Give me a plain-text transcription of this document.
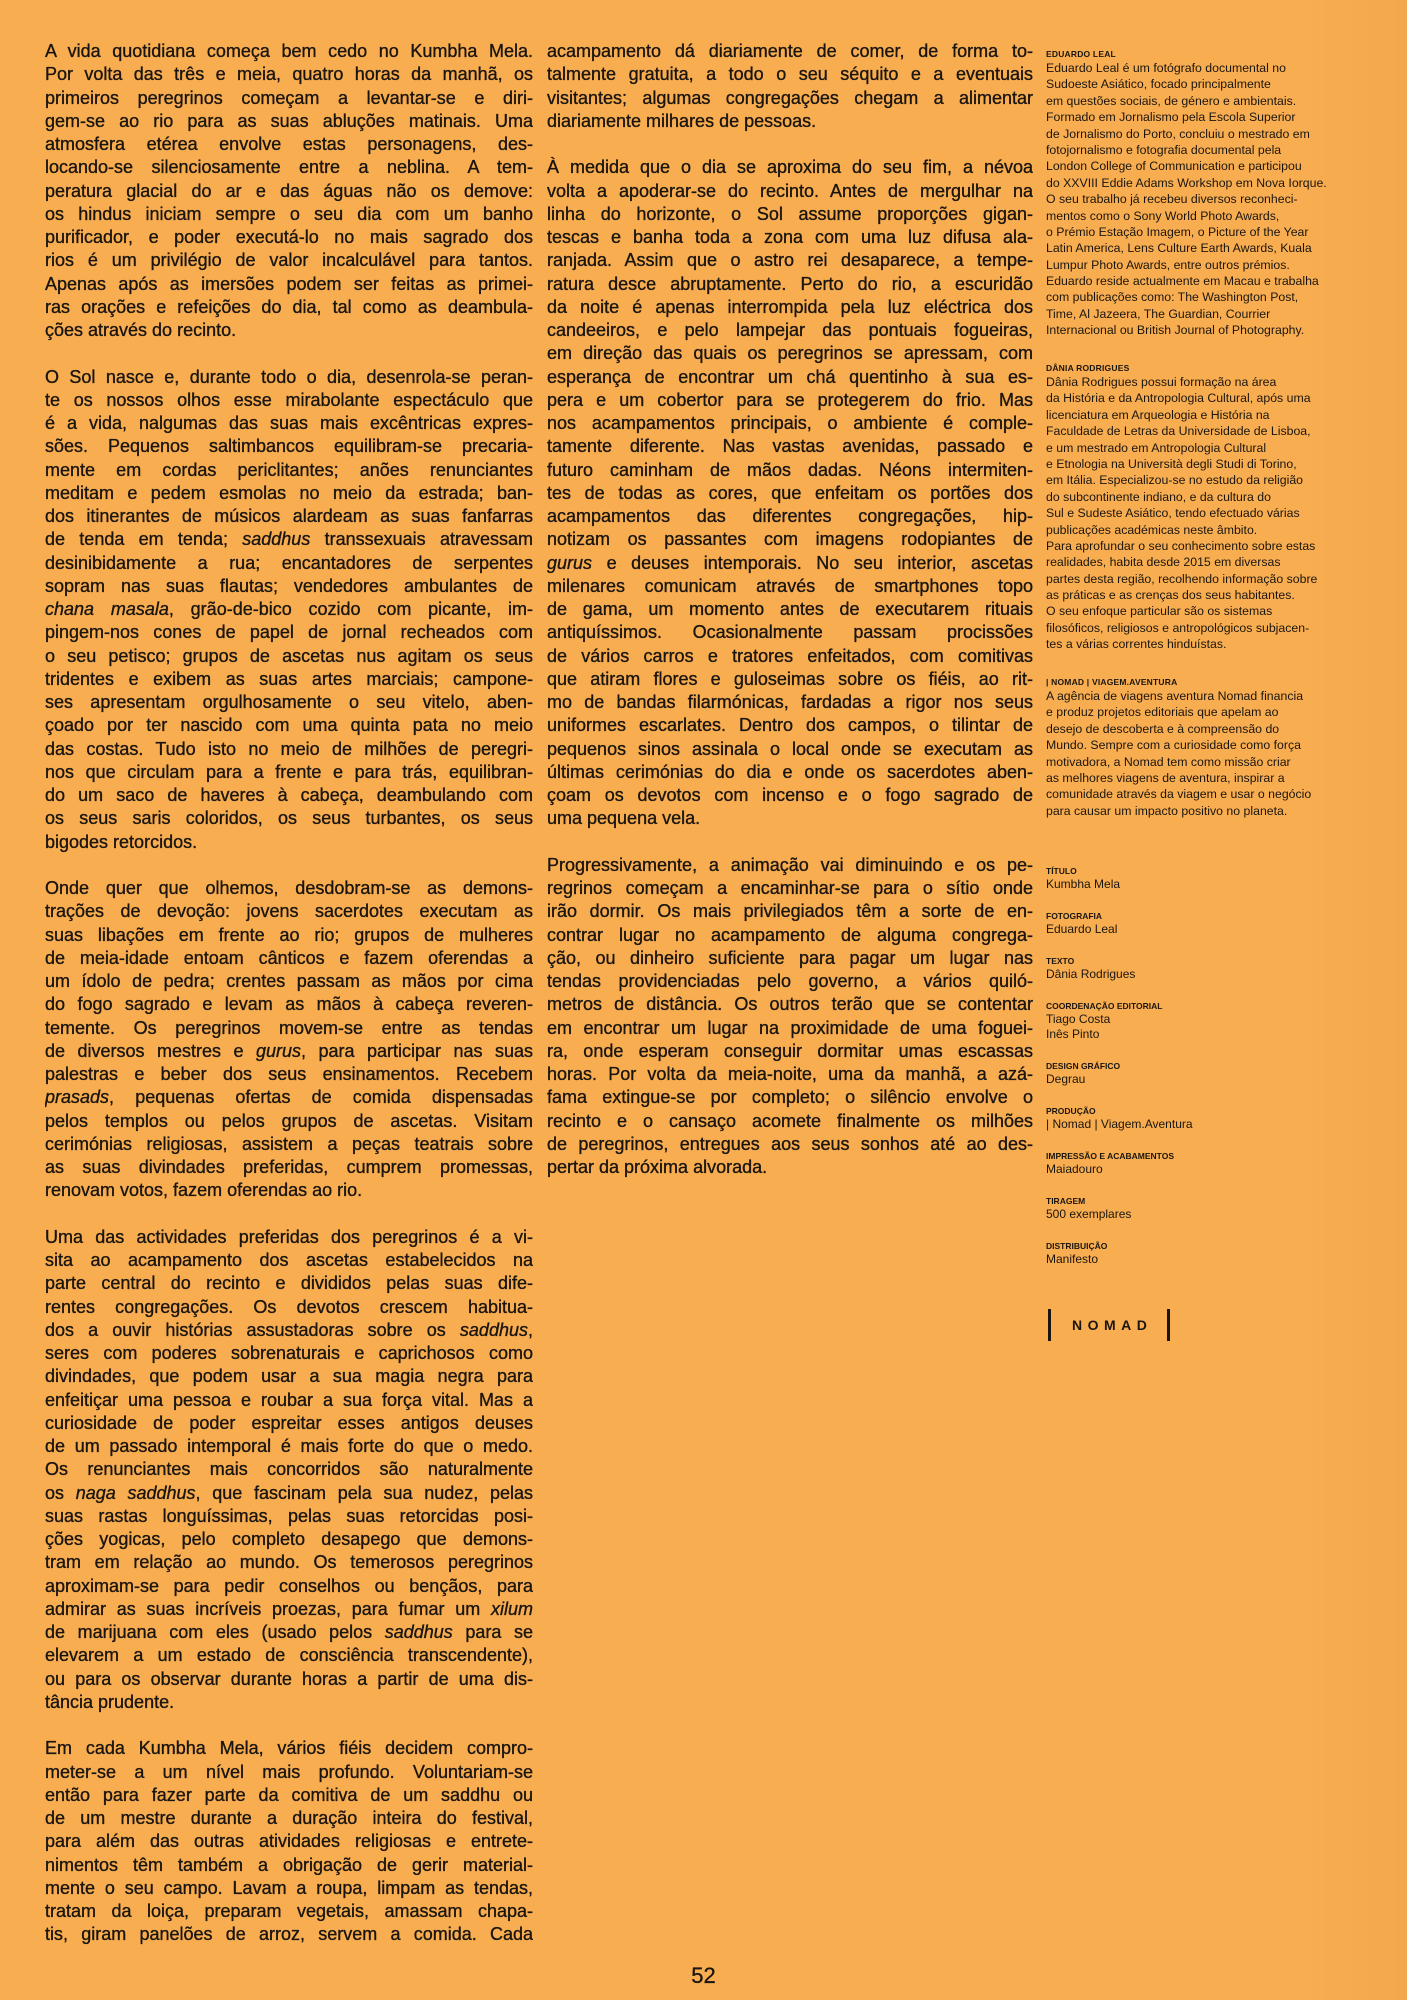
A vida quotidiana começa bem cedo no Kumbha Mela.
Por volta das três e meia, quatro horas da manhã, os
primeiros peregrinos começam a levantar-se e diri-
gem-se ao rio para as suas abluções matinais. Uma
atmosfera etérea envolve estas personagens, des-
locando-se silenciosamente entre a neblina. A tem-
peratura glacial do ar e das águas não os demove:
os hindus iniciam sempre o seu dia com um banho
purificador, e poder executá-lo no mais sagrado dos
rios é um privilégio de valor incalculável para tantos.
Apenas após as imersões podem ser feitas as primei-
ras orações e refeições do dia, tal como as deambula-
ções através do recinto.
O Sol nasce e, durante todo o dia, desenrola-se peran-
te os nossos olhos esse mirabolante espectáculo que
é a vida, nalgumas das suas mais excêntricas expres-
sões. Pequenos saltimbancos equilibram-se precaria-
mente em cordas periclitantes; anões renunciantes
meditam e pedem esmolas no meio da estrada; ban-
dos itinerantes de músicos alardeam as suas fanfarras
de tenda em tenda; saddhus transsexuais atravessam
desinibidamente a rua; encantadores de serpentes
sopram nas suas flautas; vendedores ambulantes de
chana masala, grão-de-bico cozido com picante, im-
pingem-nos cones de papel de jornal recheados com
o seu petisco; grupos de ascetas nus agitam os seus
tridentes e exibem as suas artes marciais; campone-
ses apresentam orgulhosamente o seu vitelo, aben-
çoado por ter nascido com uma quinta pata no meio
das costas. Tudo isto no meio de milhões de peregri-
nos que circulam para a frente e para trás, equilibran-
do um saco de haveres à cabeça, deambulando com
os seus saris coloridos, os seus turbantes, os seus
bigodes retorcidos.
Onde quer que olhemos, desdobram-se as demons-
trações de devoção: jovens sacerdotes executam as
suas libações em frente ao rio; grupos de mulheres
de meia-idade entoam cânticos e fazem oferendas a
um ídolo de pedra; crentes passam as mãos por cima
do fogo sagrado e levam as mãos à cabeça reveren-
temente. Os peregrinos movem-se entre as tendas
de diversos mestres e gurus, para participar nas suas
palestras e beber dos seus ensinamentos. Recebem
prasads, pequenas ofertas de comida dispensadas
pelos templos ou pelos grupos de ascetas. Visitam
cerimónias religiosas, assistem a peças teatrais sobre
as suas divindades preferidas, cumprem promessas,
renovam votos, fazem oferendas ao rio.
Uma das actividades preferidas dos peregrinos é a vi-
sita ao acampamento dos ascetas estabelecidos na
parte central do recinto e divididos pelas suas dife-
rentes congregações. Os devotos crescem habitua-
dos a ouvir histórias assustadoras sobre os saddhus,
seres com poderes sobrenaturais e caprichosos como
divindades, que podem usar a sua magia negra para
enfeitiçar uma pessoa e roubar a sua força vital. Mas a
curiosidade de poder espreitar esses antigos deuses
de um passado intemporal é mais forte do que o medo.
Os renunciantes mais concorridos são naturalmente
os naga saddhus, que fascinam pela sua nudez, pelas
suas rastas longuíssimas, pelas suas retorcidas posi-
ções yogicas, pelo completo desapego que demons-
tram em relação ao mundo. Os temerosos peregrinos
aproximam-se para pedir conselhos ou bençãos, para
admirar as suas incríveis proezas, para fumar um xilum
de marijuana com eles (usado pelos saddhus para se
elevarem a um estado de consciência transcendente),
ou para os observar durante horas a partir de uma dis-
tância prudente.
Em cada Kumbha Mela, vários fiéis decidem compro-
meter-se a um nível mais profundo. Voluntariam-se
então para fazer parte da comitiva de um saddhu ou
de um mestre durante a duração inteira do festival,
para além das outras atividades religiosas e entrete-
nimentos têm também a obrigação de gerir material-
mente o seu campo. Lavam a roupa, limpam as tendas,
tratam da loiça, preparam vegetais, amassam chapa-
tis, giram panelões de arroz, servem a comida. Cada
acampamento dá diariamente de comer, de forma to-
talmente gratuita, a todo o seu séquito e a eventuais
visitantes; algumas congregações chegam a alimentar
diariamente milhares de pessoas.
À medida que o dia se aproxima do seu fim, a névoa
volta a apoderar-se do recinto. Antes de mergulhar na
linha do horizonte, o Sol assume proporções gigan-
tescas e banha toda a zona com uma luz difusa ala-
ranjada. Assim que o astro rei desaparece, a tempe-
ratura desce abruptamente. Perto do rio, a escuridão
da noite é apenas interrompida pela luz eléctrica dos
candeeiros, e pelo lampejar das pontuais fogueiras,
em direção das quais os peregrinos se apressam, com
esperança de encontrar um chá quentinho à sua es-
pera e um cobertor para se protegerem do frio. Mas
nos acampamentos principais, o ambiente é comple-
tamente diferente. Nas vastas avenidas, passado e
futuro caminham de mãos dadas. Néons intermiten-
tes de todas as cores, que enfeitam os portões dos
acampamentos das diferentes congregações, hip-
notizam os passantes com imagens rodopiantes de
gurus e deuses intemporais. No seu interior, ascetas
milenares comunicam através de smartphones topo
de gama, um momento antes de executarem rituais
antiquíssimos. Ocasionalmente passam procissões
de vários carros e tratores enfeitados, com comitivas
que atiram flores e guloseimas sobre os fiéis, ao rit-
mo de bandas filarmónicas, fardadas a rigor nos seus
uniformes escarlates. Dentro dos campos, o tilintar de
pequenos sinos assinala o local onde se executam as
últimas cerimónias do dia e onde os sacerdotes aben-
çoam os devotos com incenso e o fogo sagrado de
uma pequena vela.
Progressivamente, a animação vai diminuindo e os pe-
regrinos começam a encaminhar-se para o sítio onde
irão dormir. Os mais privilegiados têm a sorte de en-
contrar lugar no acampamento de alguma congrega-
ção, ou dinheiro suficiente para pagar um lugar nas
tendas providenciadas pelo governo, a vários quiló-
metros de distância. Os outros terão que se contentar
em encontrar um lugar na proximidade de uma foguei-
ra, onde esperam conseguir dormitar umas escassas
horas. Por volta da meia-noite, uma da manhã, a azá-
fama extingue-se por completo; o silêncio envolve o
recinto e o cansaço acomete finalmente os milhões
de peregrinos, entregues aos seus sonhos até ao des-
pertar da próxima alvorada.
EDUARDO LEAL
Eduardo Leal é um fotógrafo documental no
Sudoeste Asiático, focado principalmente
em questões sociais, de género e ambientais.
Formado em Jornalismo pela Escola Superior
de Jornalismo do Porto, concluiu o mestrado em
fotojornalismo e fotografia documental pela
London College of Communication e participou
do XXVIII Eddie Adams Workshop em Nova Iorque.
O seu trabalho já recebeu diversos reconheci-
mentos como o Sony World Photo Awards,
o Prémio Estação Imagem, o Picture of the Year
Latin America, Lens Culture Earth Awards, Kuala
Lumpur Photo Awards, entre outros prémios.
Eduardo reside actualmente em Macau e trabalha
com publicações como: The Washington Post,
Time, Al Jazeera, The Guardian, Courrier
Internacional ou British Journal of Photography.
DÂNIA RODRIGUES
Dânia Rodrigues possui formação na área
da História e da Antropologia Cultural, após uma
licenciatura em Arqueologia e História na
Faculdade de Letras da Universidade de Lisboa,
e um mestrado em Antropologia Cultural
e Etnologia na Università degli Studi di Torino,
em Itália. Especializou-se no estudo da religião
do subcontinente indiano, e da cultura do
Sul e Sudeste Asiático, tendo efectuado várias
publicações académicas neste âmbito.
Para aprofundar o seu conhecimento sobre estas
realidades, habita desde 2015 em diversas
partes desta região, recolhendo informação sobre
as práticas e as crenças dos seus habitantes.
O seu enfoque particular são os sistemas
filosóficos, religiosos e antropológicos subjacen-
tes a várias correntes hinduístas.
| NOMAD | VIAGEM.AVENTURA
A agência de viagens aventura Nomad financia
e produz projetos editoriais que apelam ao
desejo de descoberta e à compreensão do
Mundo. Sempre com a curiosidade como força
motivadora, a Nomad tem como missão criar
as melhores viagens de aventura, inspirar a
comunidade através da viagem e usar o negócio
para causar um impacto positivo no planeta.
TÍTULO
Kumbha Mela
FOTOGRAFIA
Eduardo Leal
TEXTO
Dânia Rodrigues
COORDENAÇÃO EDITORIAL
Tiago Costa
Inês Pinto
DESIGN GRÁFICO
Degrau
PRODUÇÃO
| Nomad | Viagem.Aventura
IMPRESSÃO E ACABAMENTOS
Maiadouro
TIRAGEM
500 exemplares
DISTRIBUIÇÃO
Manifesto
NOMAD
52
